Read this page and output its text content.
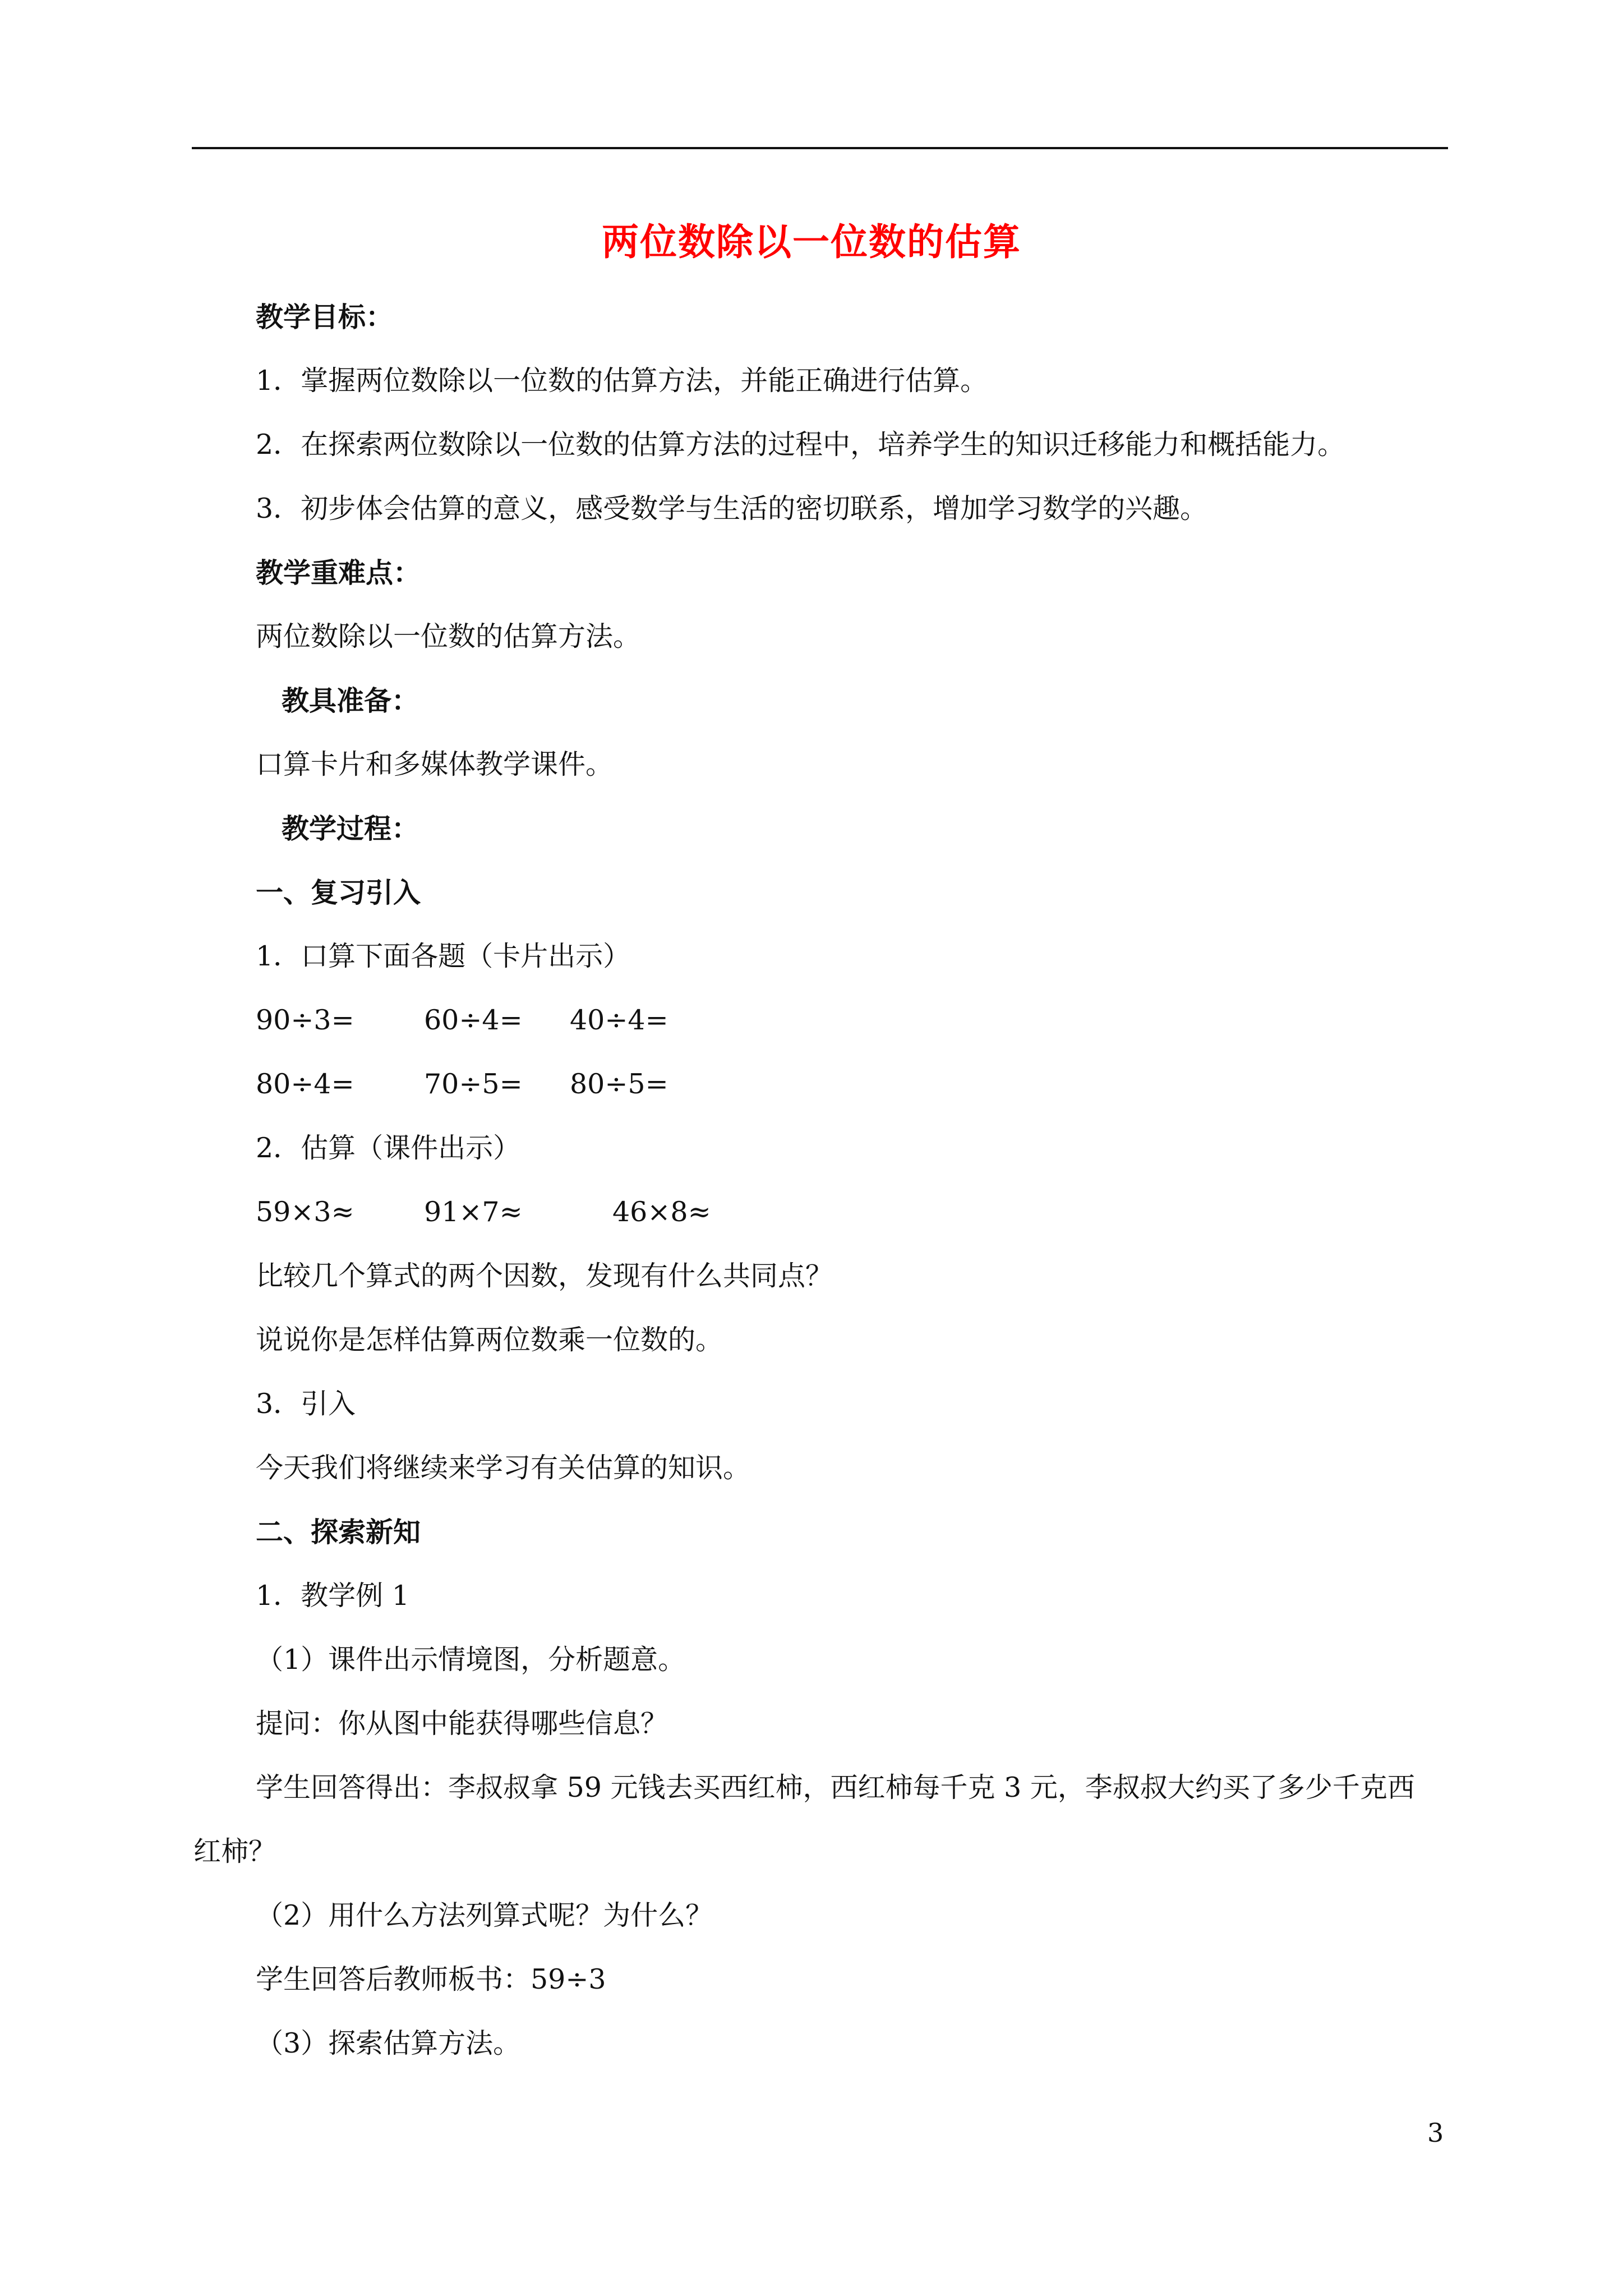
两位数除以一位数的估算
教学目标：
1．掌握两位数除以一位数的估算方法，并能正确进行估算。
2．在探索两位数除以一位数的估算方法的过程中，培养学生的知识迁移能力和概括能力。
3．初步体会估算的意义，感受数学与生活的密切联系，增加学习数学的兴趣。
教学重难点：
两位数除以一位数的估算方法。
教具准备：
口算卡片和多媒体教学课件。
教学过程：
一、复习引入
1．口算下面各题（卡片出示）
90÷3=	60÷4= 40÷4=
80÷4=	70÷5= 80÷5=
2．估算（课件出示）
59×3≈	91×7≈	46×8≈
比较几个算式的两个因数，发现有什么共同点？
说说你是怎样估算两位数乘一位数的。
3．引入
今天我们将继续来学习有关估算的知识。
二、探索新知
1．教学例 1
（1）课件出示情境图，分析题意。
提问：你从图中能获得哪些信息？
学生回答得出：李叔叔拿 59 元钱去买西红柿，西红柿每千克 3 元，李叔叔大约买了多少千克西
红柿？
（2）用什么方法列算式呢？为什么？
学生回答后教师板书：59÷3
（3）探索估算方法。
3
